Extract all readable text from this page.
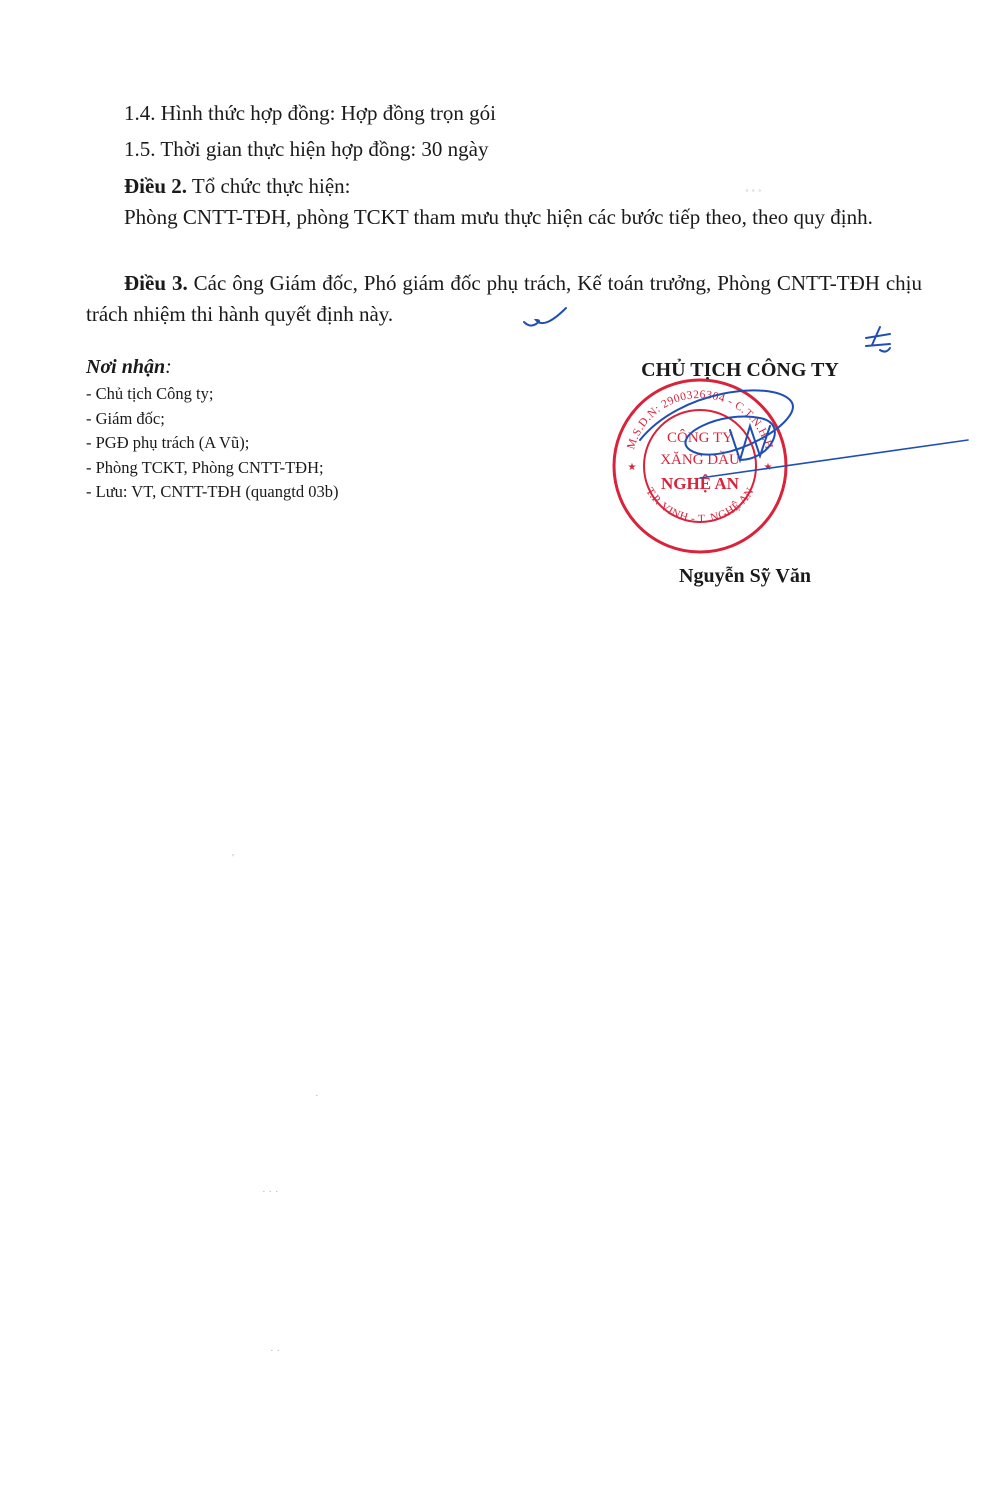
1.4. Hình thức hợp đồng: Hợp đồng trọn gói

1.5. Thời gian thực hiện hợp đồng: 30 ngày

Điều 2. Tổ chức thực hiện:

Phòng CNTT-TĐH, phòng TCKT tham mưu thực hiện các bước tiếp theo, theo quy định.

Điều 3. Các ông Giám đốc, Phó giám đốc phụ trách, Kế toán trưởng, Phòng CNTT-TĐH chịu trách nhiệm thi hành quyết định này.

Nơi nhận:
- Chủ tịch Công ty;
- Giám đốc;
- PGĐ phụ trách (A Vũ);
- Phòng TCKT, Phòng CNTT-TĐH;
- Lưu: VT, CNTT-TĐH (quangtd 03b)
CHỦ TỊCH CÔNG TY
M.S.D.N: 2900326304 - C.T.N.H.H
T.P. VINH - T. NGHỆ AN
★
★
CÔNG TY
XĂNG DẦU
NGHỆ AN
Nguyễn Sỹ Văn
˚ ˚ ˚
'
·
· · ·
· ·
